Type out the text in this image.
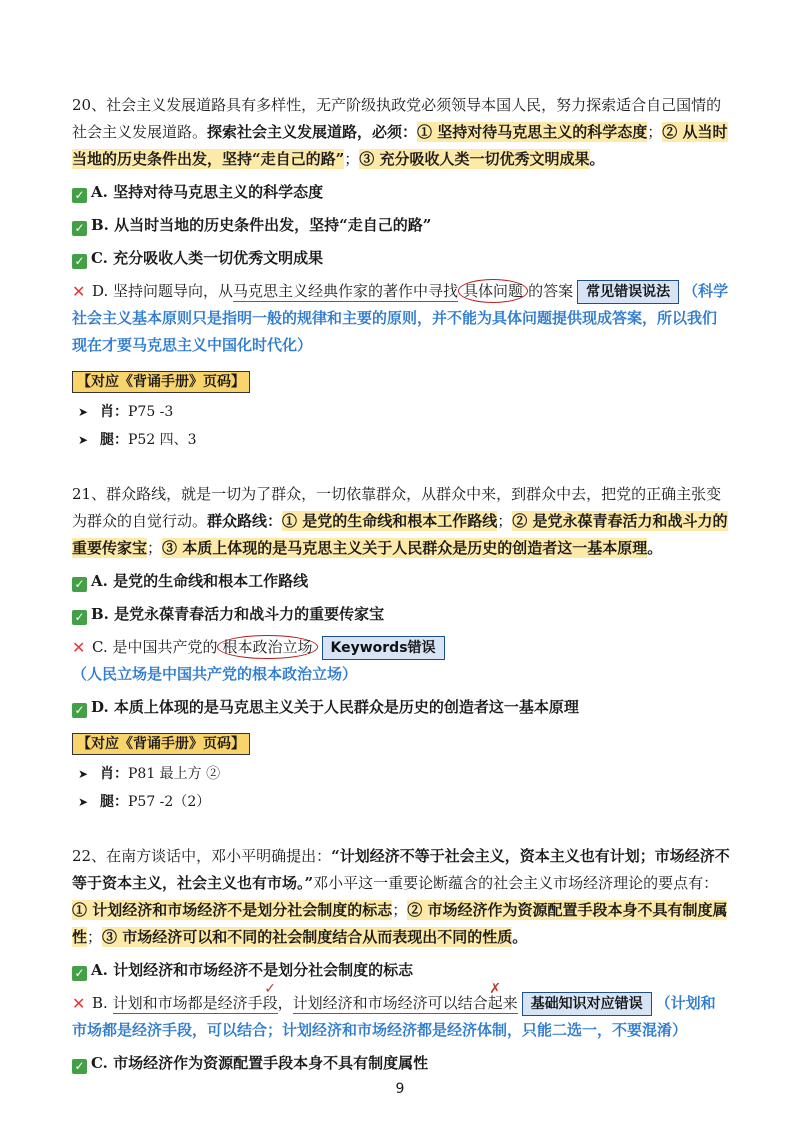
20、社会主义发展道路具有多样性，无产阶级执政党必须领导本国人民，努力探索适合自己国情的社会主义发展道路。探索社会主义发展道路，必须：① 坚持对待马克思主义的科学态度；② 从当时当地的历史条件出发，坚持“走自己的路”；③ 充分吸收人类一切优秀文明成果。

✓ A. 坚持对待马克思主义的科学态度

✓ B. 从当时当地的历史条件出发，坚持“走自己的路”

✓ C. 充分吸收人类一切优秀文明成果

✕ D. 坚持问题导向，从马克思主义经典作家的著作中寻找 具体问题 的答案 常见错误说法 （科学社会主义基本原则只是指明一般的规律和主要的原则，并不能为具体问题提供现成答案，所以我们现在才要马克思主义中国化时代化）

【对应《背诵手册》页码】
➤ 肖：P75 -3
➤ 腿：P52 四、3

21、群众路线，就是一切为了群众，一切依靠群众，从群众中来，到群众中去，把党的正确主张变为群众的自觉行动。群众路线：① 是党的生命线和根本工作路线；② 是党永葆青春活力和战斗力的重要传家宝；③ 本质上体现的是马克思主义关于人民群众是历史的创造者这一基本原理。

✓ A. 是党的生命线和根本工作路线

✓ B. 是党永葆青春活力和战斗力的重要传家宝

✕ C. 是中国共产党的 根本政治立场 Keywords错误（人民立场是中国共产党的根本政治立场）

✓ D. 本质上体现的是马克思主义关于人民群众是历史的创造者这一基本原理

【对应《背诵手册》页码】
➤ 肖：P81 最上方 ②
➤ 腿：P57 -2（2）

22、在南方谈话中，邓小平明确提出：“计划经济不等于社会主义，资本主义也有计划；市场经济不等于资本主义，社会主义也有市场。”邓小平这一重要论断蕴含的社会主义市场经济理论的要点有：① 计划经济和市场经济不是划分社会制度的标志；② 市场经济作为资源配置手段本身不具有制度属性；③ 市场经济可以和不同的社会制度结合从而表现出不同的性质。

✓ A. 计划经济和市场经济不是划分社会制度的标志

✕ B. 计划和市场都是经济手
✓
段，计划经济和市场经济可以结合
✗
起来 基础知识对应错误 （计划和市场都是经济手段，可以结合；计划经济和市场经济都是经济体制，只能二选一，不要混淆）

✓ C. 市场经济作为资源配置手段本身不具有制度属性

9
